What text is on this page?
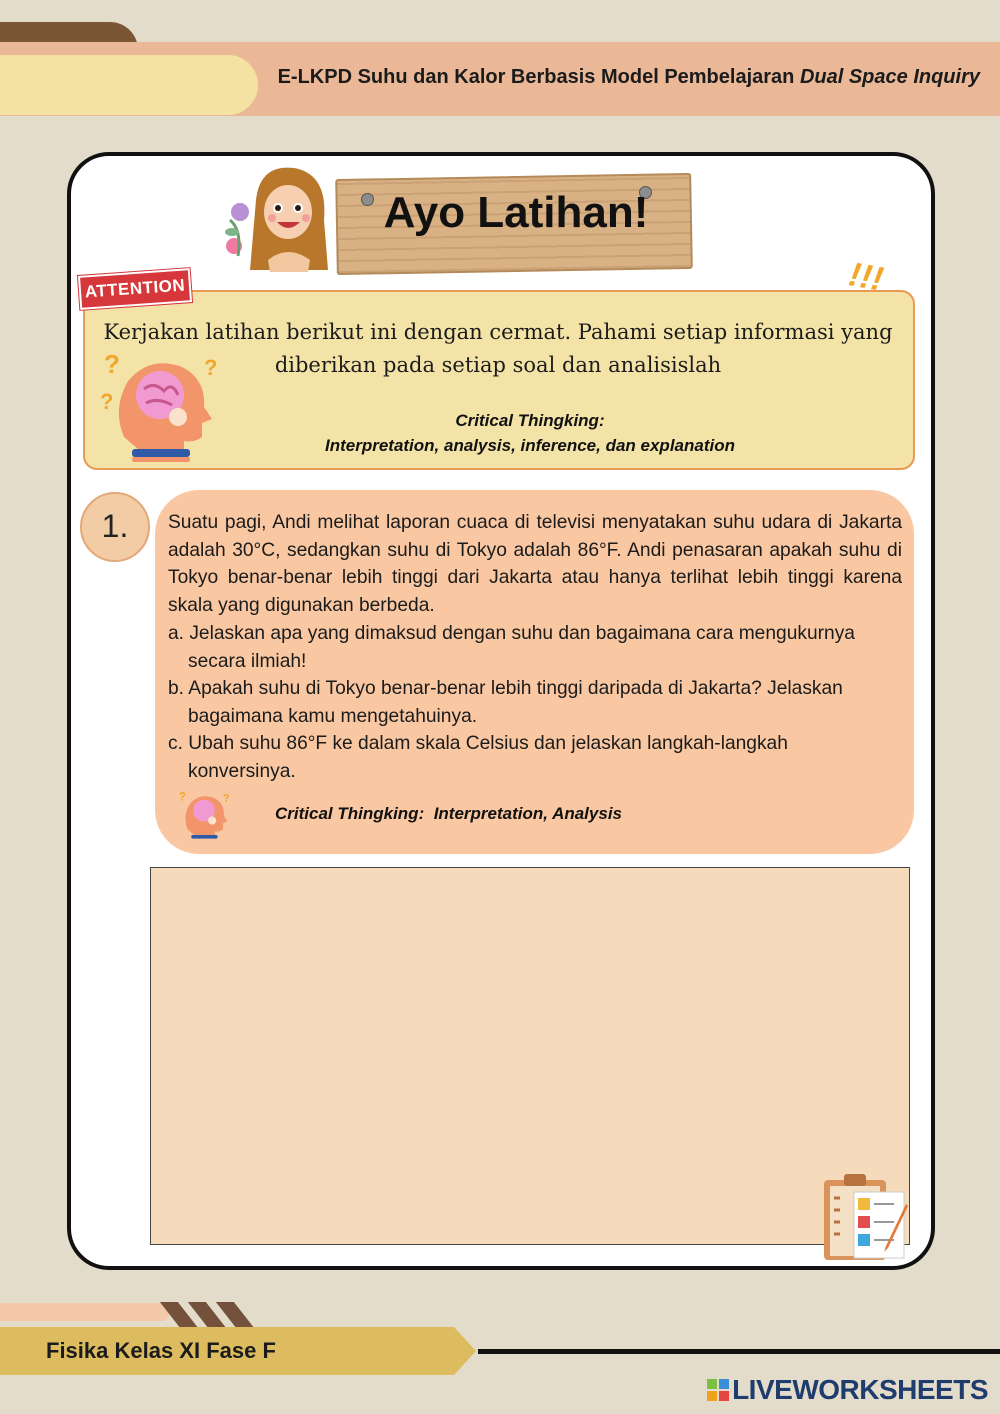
E-LKPD Suhu dan Kalor Berbasis Model Pembelajaran Dual Space Inquiry
Ayo Latihan!
ATTENTION	!!!
?	?
?
Kerjakan latihan berikut ini dengan cermat. Pahami setiap informasi yang diberikan pada setiap soal dan analisislah
Critical Thingking:
Interpretation, analysis, inference, dan explanation
1.	Suatu pagi, Andi melihat laporan cuaca di televisi menyatakan suhu udara di Jakarta adalah 30°C, sedangkan suhu di Tokyo adalah 86°F. Andi penasaran apakah suhu di Tokyo benar-benar lebih tinggi dari Jakarta atau hanya terlihat lebih tinggi karena skala yang digunakan berbeda.

a. Jelaskan apa yang dimaksud dengan suhu dan bagaimana cara mengukurnya secara ilmiah!

b. Apakah suhu di Tokyo benar-benar lebih tinggi daripada di Jakarta? Jelaskan bagaimana kamu mengetahuinya.

c. Ubah suhu 86°F ke dalam skala Celsius dan jelaskan langkah-langkah konversinya.

? ?
Critical Thingking: Interpretation, Analysis
Fisika Kelas XI Fase F
LIVEWORKSHEETS
